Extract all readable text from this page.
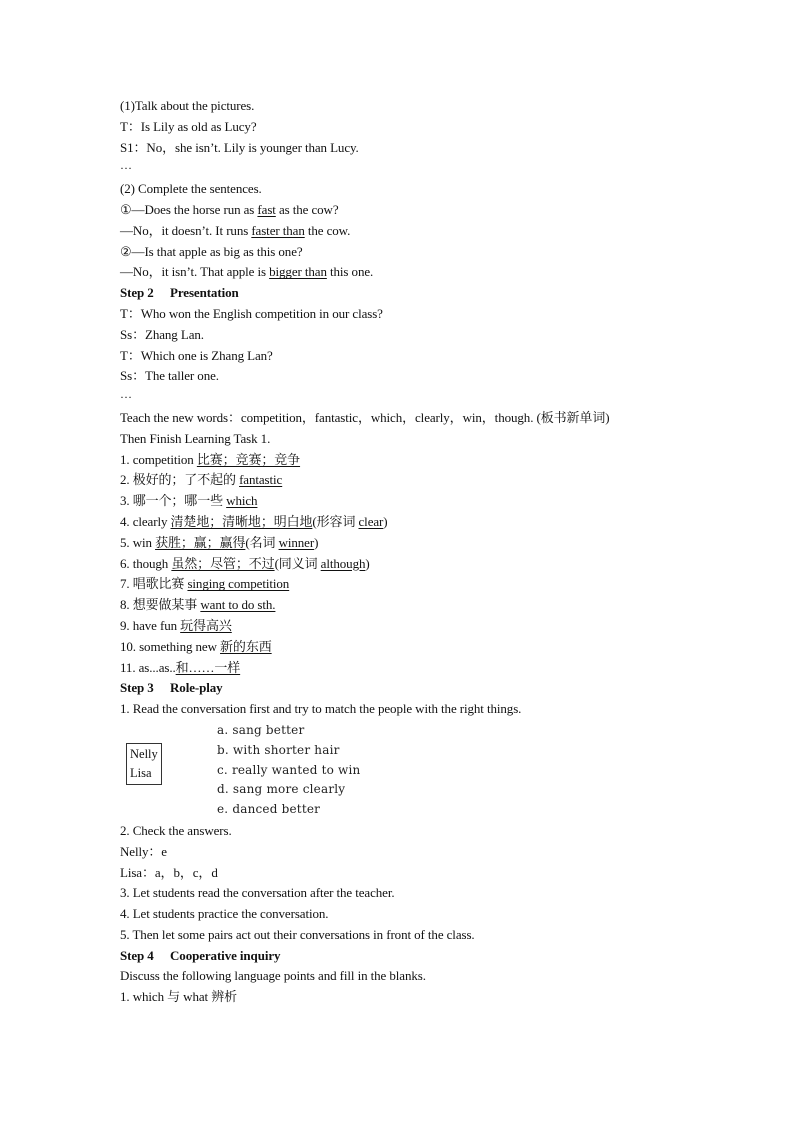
(1)Talk about the pictures.
T：Is Lily as old as Lucy?
S1：No，she isn’t. Lily is younger than Lucy.
…
(2) Complete the sentences.
①—Does the horse run as fast as the cow?
—No，it doesn’t. It runs faster than the cow.
②—Is that apple as big as this one?
—No，it isn’t. That apple is bigger than this one.
Step 2 Presentation
T：Who won the English competition in our class?
Ss：Zhang Lan.
T：Which one is Zhang Lan?
Ss：The taller one.
…
Teach the new words：competition，fantastic，which，clearly，win，though. (板书新单词)
Then Finish Learning Task 1.
1. competition 比赛；竞赛；竞争
2. 极好的；了不起的 fantastic
3. 哪一个；哪一些 which
4. clearly 清楚地；清晰地；明白地(形容词 clear)
5. win 获胜；赢；赢得(名词 winner)
6. though 虽然；尽管；不过(同义词 although)
7. 唱歌比赛 singing competition
8. 想要做某事 want to do sth.
9. have fun 玩得高兴
10. something new 新的东西
11. as...as..和……一样
Step 3 Role-play
1. Read the conversation first and try to match the people with the right things.
Nelly
Lisa
a. sang better
b. with shorter hair
c. really wanted to win
d. sang more clearly
e. danced better
2. Check the answers.
Nelly：e
Lisa：a，b，c，d
3. Let students read the conversation after the teacher.
4. Let students practice the conversation.
5. Then let some pairs act out their conversations in front of the class.
Step 4 Cooperative inquiry
Discuss the following language points and fill in the blanks.
1. which 与 what 辨析
